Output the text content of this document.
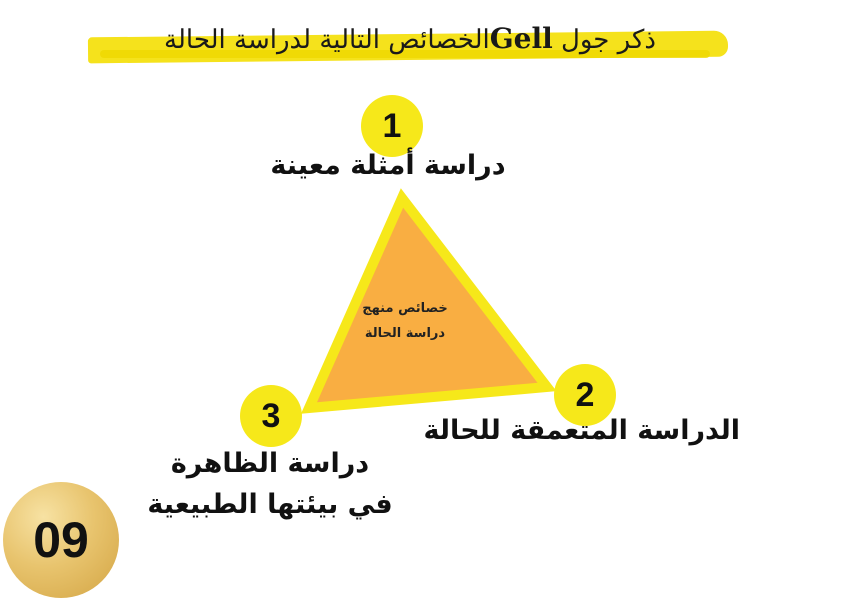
ذكر جول Gellالخصائص التالية لدراسة الحالة
خصائص منهج
دراسة الحالة
1
دراسة أمثلة معينة
2
الدراسة المتعمقة للحالة
3
دراسة الظاهرة
في بيئتها الطبيعية
09
